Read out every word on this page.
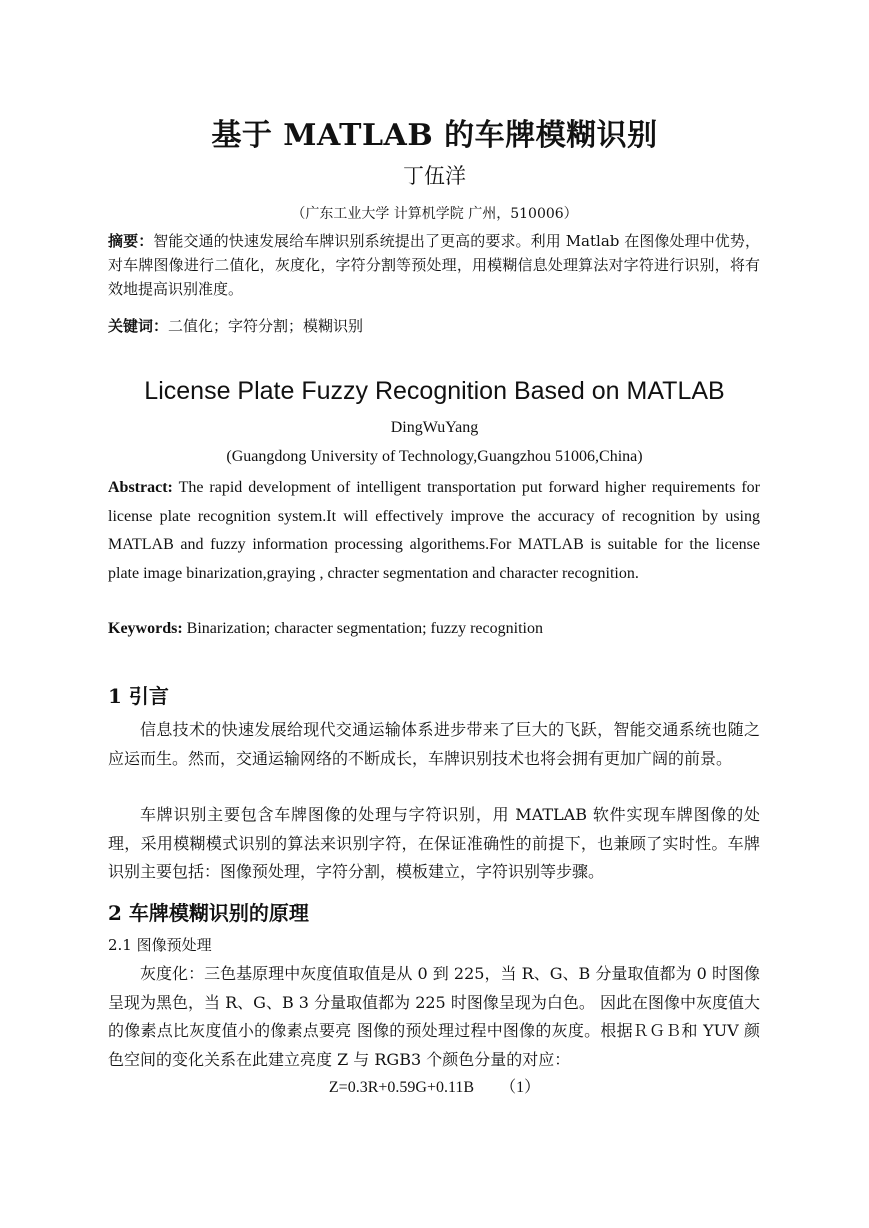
基于 MATLAB 的车牌模糊识别
丁伍洋
（广东工业大学 计算机学院 广州，510006）
摘要：智能交通的快速发展给车牌识别系统提出了更高的要求。利用 Matlab 在图像处理中优势，对车牌图像进行二值化，灰度化，字符分割等预处理，用模糊信息处理算法对字符进行识别，将有效地提高识别准度。
关键词：二值化；字符分割；模糊识别
License Plate Fuzzy Recognition Based on MATLAB
DingWuYang
(Guangdong University of Technology,Guangzhou 51006,China)
Abstract: The rapid development of intelligent transportation put forward higher requirements for license plate recognition system.It will effectively improve the accuracy of recognition by using MATLAB and fuzzy information processing algorithems.For MATLAB is suitable for the license plate image binarization,graying , chracter segmentation and character recognition.
Keywords: Binarization; character segmentation; fuzzy recognition
1 引言
信息技术的快速发展给现代交通运输体系进步带来了巨大的飞跃，智能交通系统也随之应运而生。然而，交通运输网络的不断成长，车牌识别技术也将会拥有更加广阔的前景。
车牌识别主要包含车牌图像的处理与字符识别，用 MATLAB 软件实现车牌图像的处理，采用模糊模式识别的算法来识别字符，在保证准确性的前提下，也兼顾了实时性。车牌识别主要包括：图像预处理，字符分割，模板建立，字符识别等步骤。
2 车牌模糊识别的原理
2.1 图像预处理
灰度化：三色基原理中灰度值取值是从 0 到 225，当 R、G、B 分量取值都为 0 时图像呈现为黑色，当 R、G、B 3 分量取值都为 225 时图像呈现为白色。 因此在图像中灰度值大的像素点比灰度值小的像素点要亮 图像的预处理过程中图像的灰度。根据ＲＧＢ和 YUV 颜色空间的变化关系在此建立亮度 Z 与 RGB3 个颜色分量的对应：
Z=0.3R+0.59G+0.11B （1）
